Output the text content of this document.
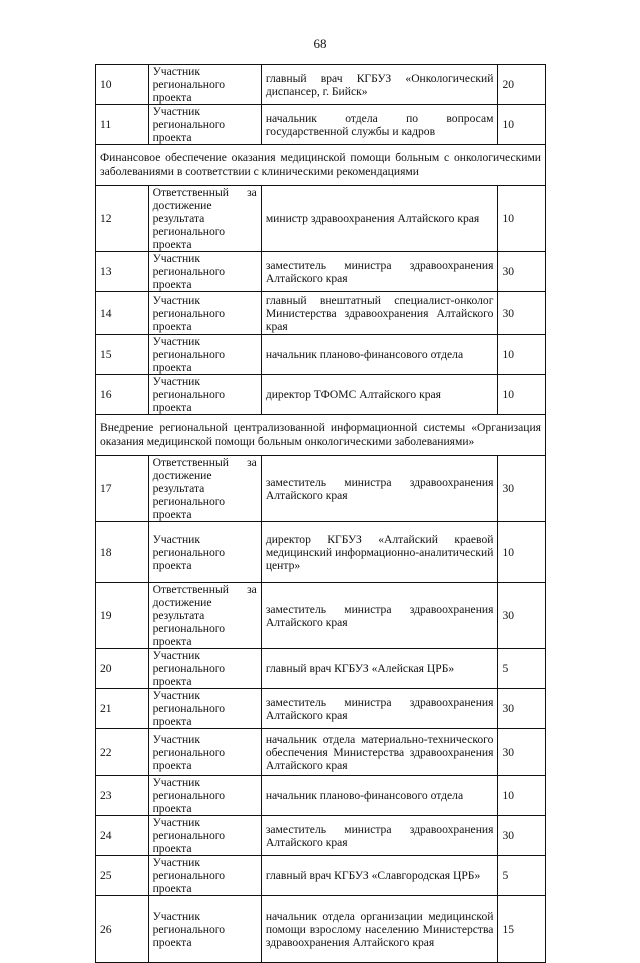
68
10	Участник регионального проекта	главный врач КГБУЗ «Онкологический диспансер, г. Бийск»	20
11	Участник регионального проекта	начальник отдела по вопросам государственной службы и кадров	10
Финансовое обеспечение оказания медицинской помощи больным с онкологическими заболеваниями в соответствии с клиническими рекомендациями			
12	Ответственный за достижение результата регионального проекта	министр здравоохранения Алтайского края	10
13	Участник регионального проекта	заместитель министра здравоохранения Алтайского края	30
14	Участник регионального проекта	главный внештатный специалист-онколог Министерства здравоохранения Алтайского края	30
15	Участник регионального проекта	начальник планово-финансового отдела	10
16	Участник регионального проекта	директор ТФОМС Алтайского края	10
Внедрение региональной централизованной информационной системы «Организация оказания медицинской помощи больным онкологическими заболеваниями»			
17	Ответственный за достижение результата регионального проекта	заместитель министра здравоохранения Алтайского края	30
18	Участник регионального проекта	директор КГБУЗ «Алтайский краевой медицинский информационно-аналитический центр»	10
19	Ответственный за достижение результата регионального проекта	заместитель министра здравоохранения Алтайского края	30
20	Участник регионального проекта	главный врач КГБУЗ «Алейская ЦРБ»	5
21	Участник регионального проекта	заместитель министра здравоохранения Алтайского края	30
22	Участник регионального проекта	начальник отдела материально-технического обеспечения Министерства здравоохранения Алтайского края	30
23	Участник регионального проекта	начальник планово-финансового отдела	10
24	Участник регионального проекта	заместитель министра здравоохранения Алтайского края	30
25	Участник регионального проекта	главный врач КГБУЗ «Славгородская ЦРБ»	5
26	Участник регионального проекта	начальник отдела организации медицинской помощи взрослому населению Министерства здравоохранения Алтайского края	15
